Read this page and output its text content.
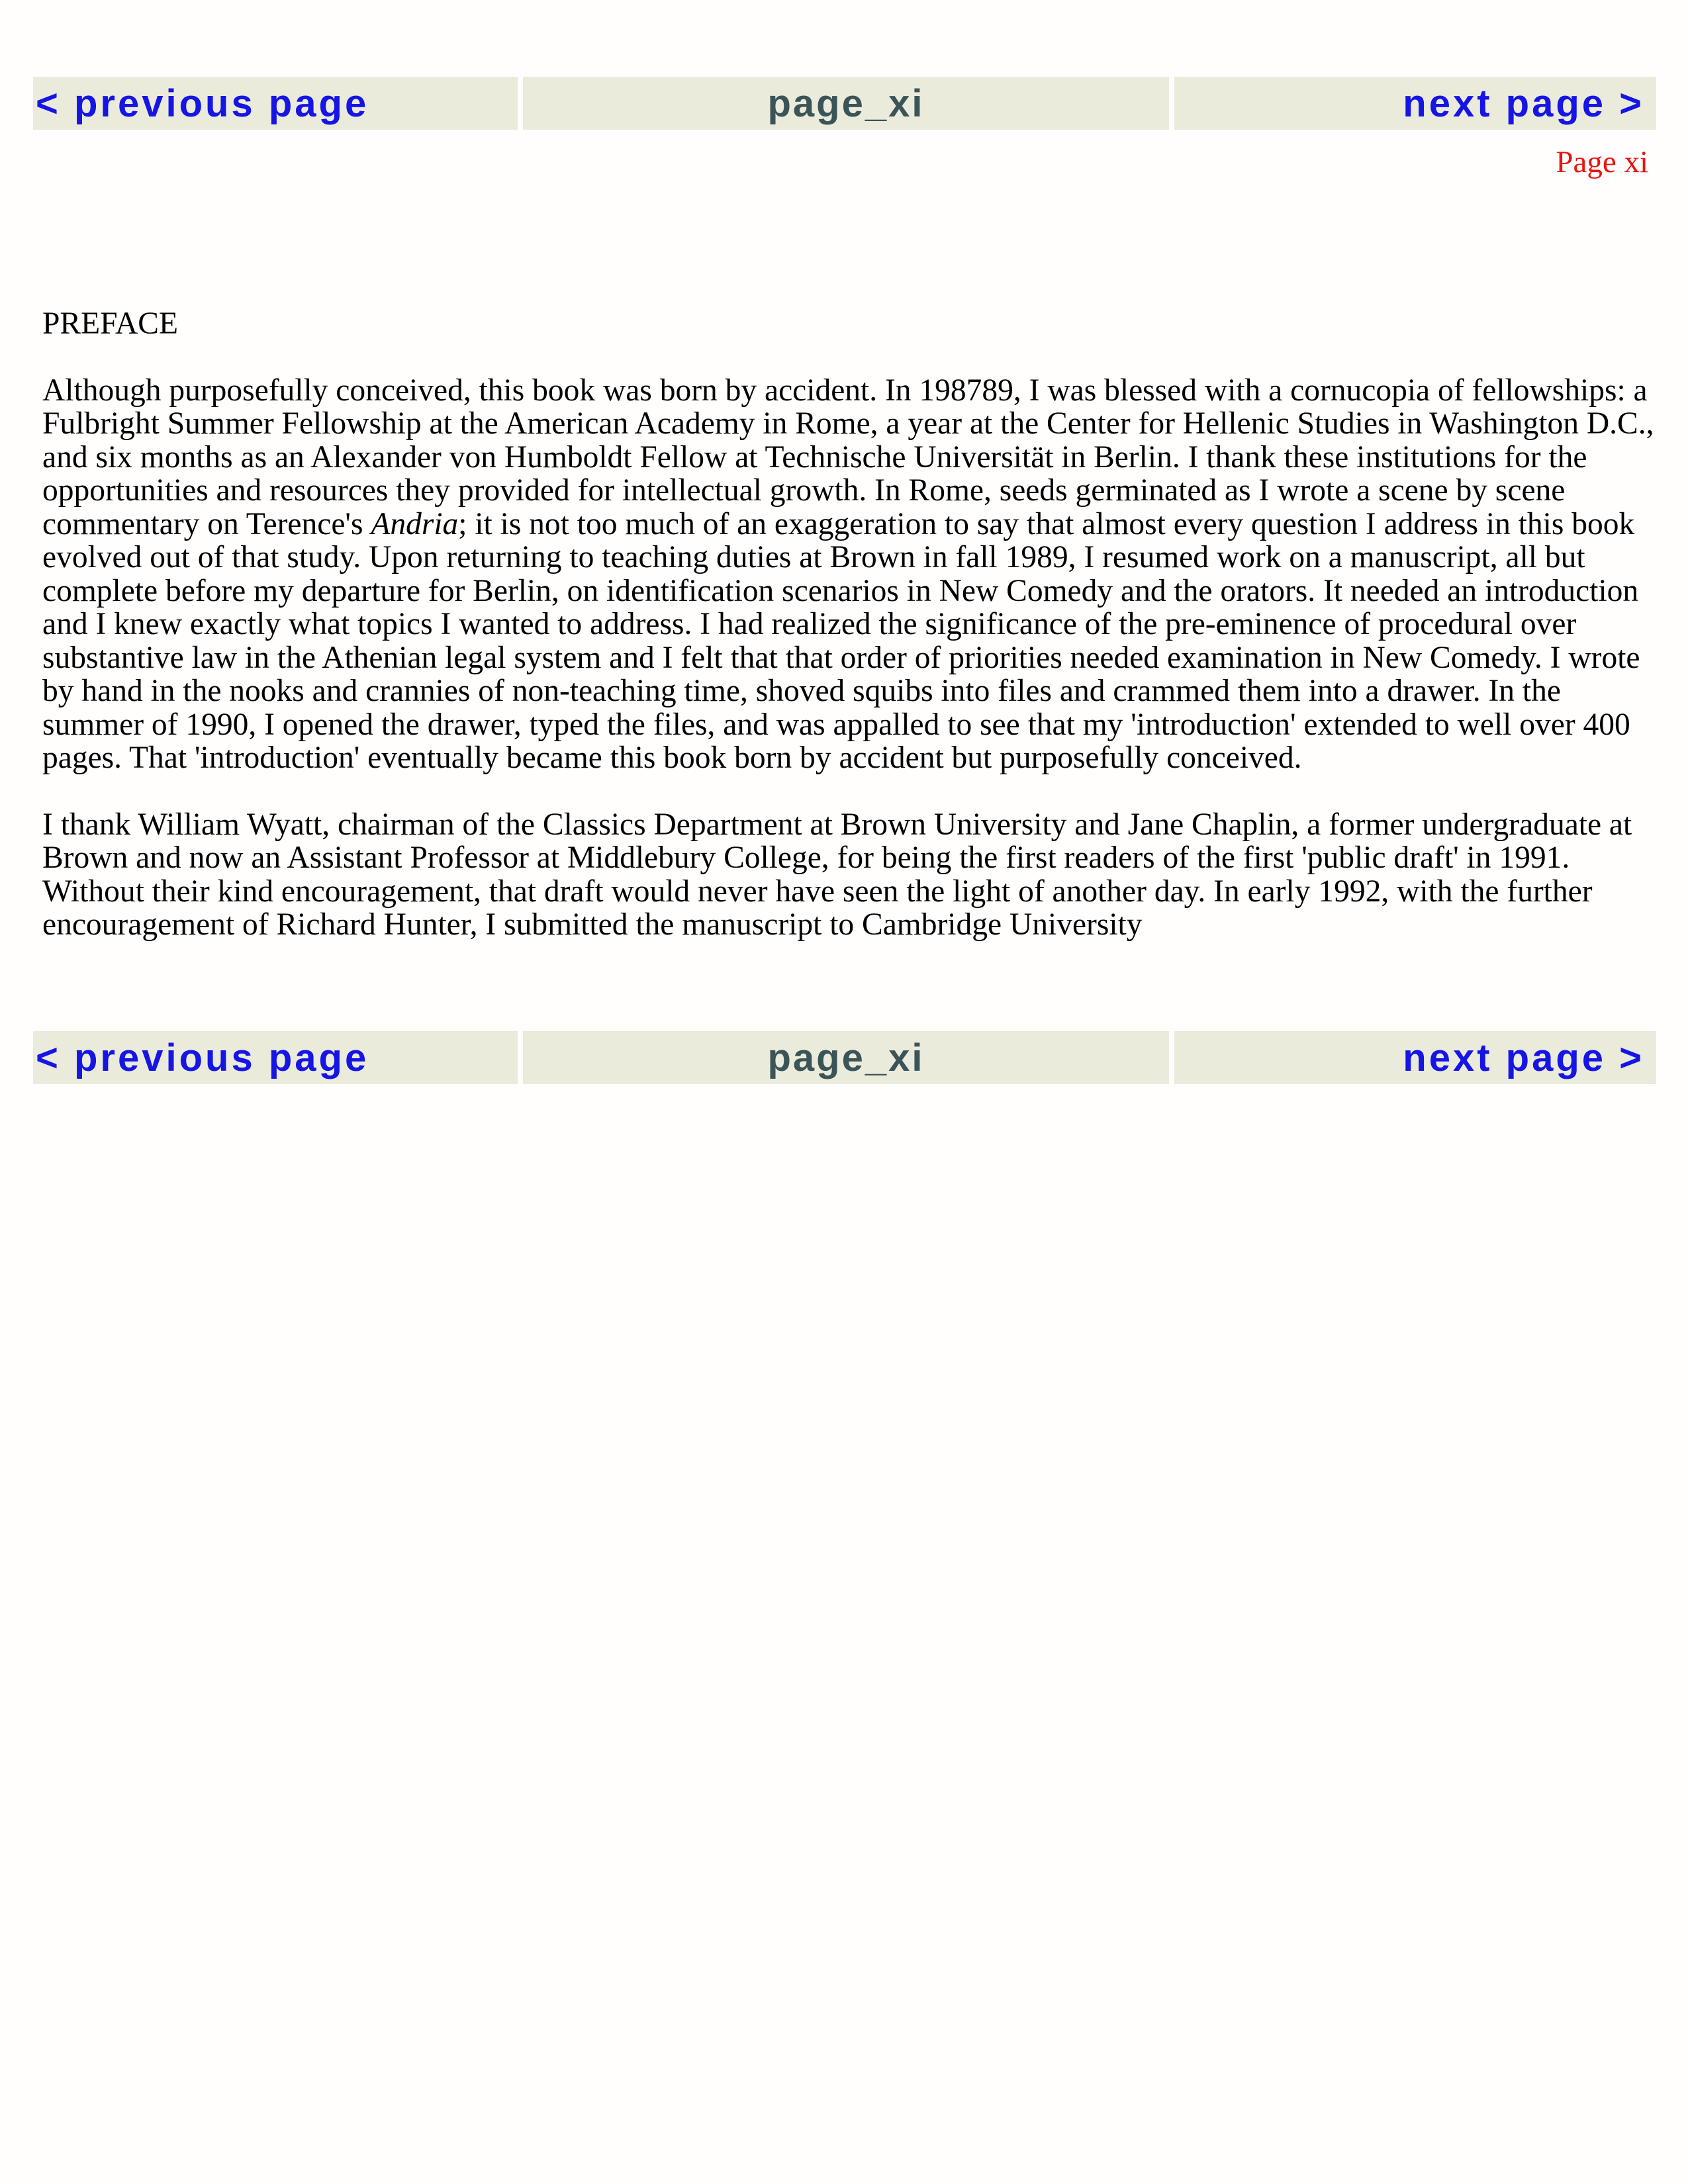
< previous page	page_xi	next page >
Page xi

PREFACE

Although purposefully conceived, this book was born by accident. In 198789, I was blessed with a cornucopia of fellowships: a Fulbright Summer Fellowship at the American Academy in Rome, a year at the Center for Hellenic Studies in Washington D.C., and six months as an Alexander von Humboldt Fellow at Technische Universität in Berlin. I thank these institutions for the opportunities and resources they provided for intellectual growth. In Rome, seeds germinated as I wrote a scene by scene commentary on Terence's Andria; it is not too much of an exaggeration to say that almost every question I address in this book evolved out of that study. Upon returning to teaching duties at Brown in fall 1989, I resumed work on a manuscript, all but complete before my departure for Berlin, on identification scenarios in New Comedy and the orators. It needed an introduction and I knew exactly what topics I wanted to address. I had realized the significance of the pre-eminence of procedural over substantive law in the Athenian legal system and I felt that that order of priorities needed examination in New Comedy. I wrote by hand in the nooks and crannies of non-teaching time, shoved squibs into files and crammed them into a drawer. In the summer of 1990, I opened the drawer, typed the files, and was appalled to see that my 'introduction' extended to well over 400 pages. That 'introduction' eventually became this book born by accident but purposefully conceived.

I thank William Wyatt, chairman of the Classics Department at Brown University and Jane Chaplin, a former undergraduate at Brown and now an Assistant Professor at Middlebury College, for being the first readers of the first 'public draft' in 1991. Without their kind encouragement, that draft would never have seen the light of another day. In early 1992, with the further encouragement of Richard Hunter, I submitted the manuscript to Cambridge University

< previous page	page_xi	next page >
